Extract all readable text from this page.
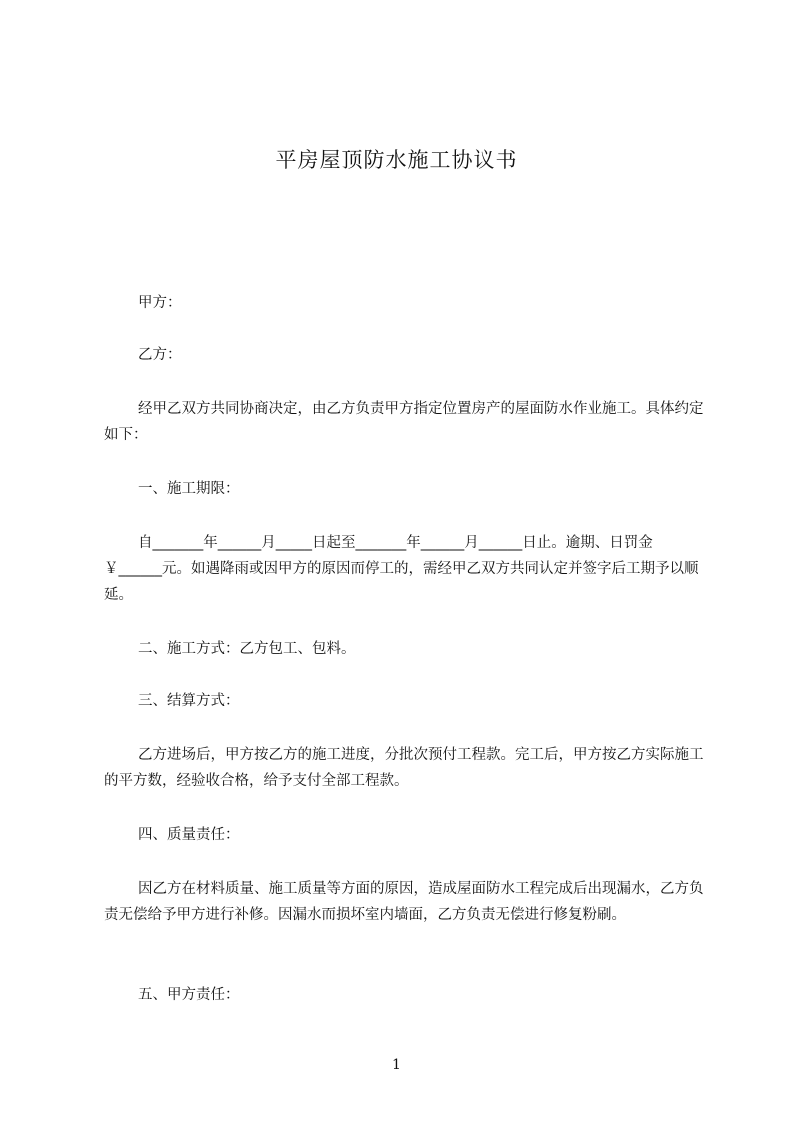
平房屋顶防水施工协议书

甲方：

乙方：

经甲乙双方共同协商决定，由乙方负责甲方指定位置房产的屋面防水作业施工。具体约定如下：

一、施工期限：

自_______年______月_____日起至_______年______月______日止。逾期、日罚金￥______元。如遇降雨或因甲方的原因而停工的，需经甲乙双方共同认定并签字后工期予以顺延。

二、施工方式：乙方包工、包料。

三、结算方式：

乙方进场后，甲方按乙方的施工进度，分批次预付工程款。完工后，甲方按乙方实际施工的平方数，经验收合格，给予支付全部工程款。

四、质量责任：

因乙方在材料质量、施工质量等方面的原因，造成屋面防水工程完成后出现漏水，乙方负责无偿给予甲方进行补修。因漏水而损坏室内墙面，乙方负责无偿进行修复粉刷。

五、甲方责任：

1
